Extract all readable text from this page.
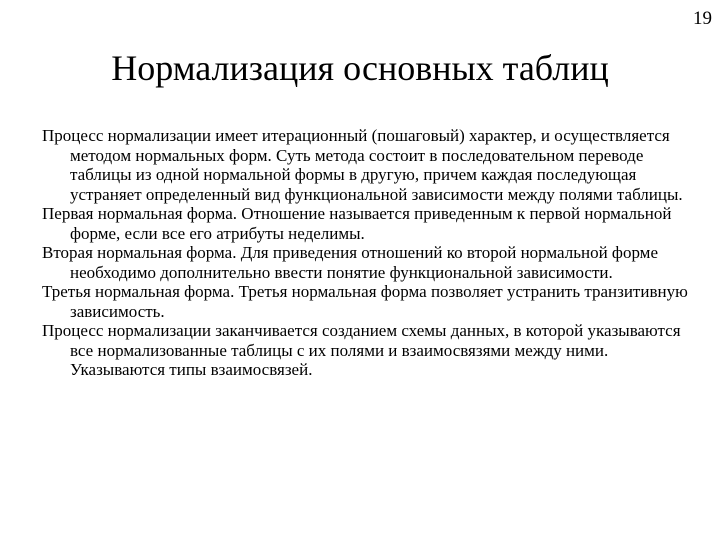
19
Нормализация основных таблиц

Процесс нормализации имеет итерационный (пошаговый) характер, и осуществляется методом нормальных форм. Суть метода состоит в последовательном переводе таблицы из одной нормальной формы в другую, причем каждая последующая устраняет определенный вид функциональной зависимости между полями таблицы.

Первая нормальная форма. Отношение называется приведенным к первой нормальной форме, если все его атрибуты неделимы.

Вторая нормальная форма. Для приведения отношений ко второй нормальной форме необходимо дополнительно ввести понятие функциональной зависимости.

Третья нормальная форма. Третья нормальная форма позволяет устранить транзитивную зависимость.

Процесс нормализации заканчивается созданием схемы данных, в которой указываются все нормализованные таблицы с их полями и взаимосвязями между ними. Указываются типы взаимосвязей.
